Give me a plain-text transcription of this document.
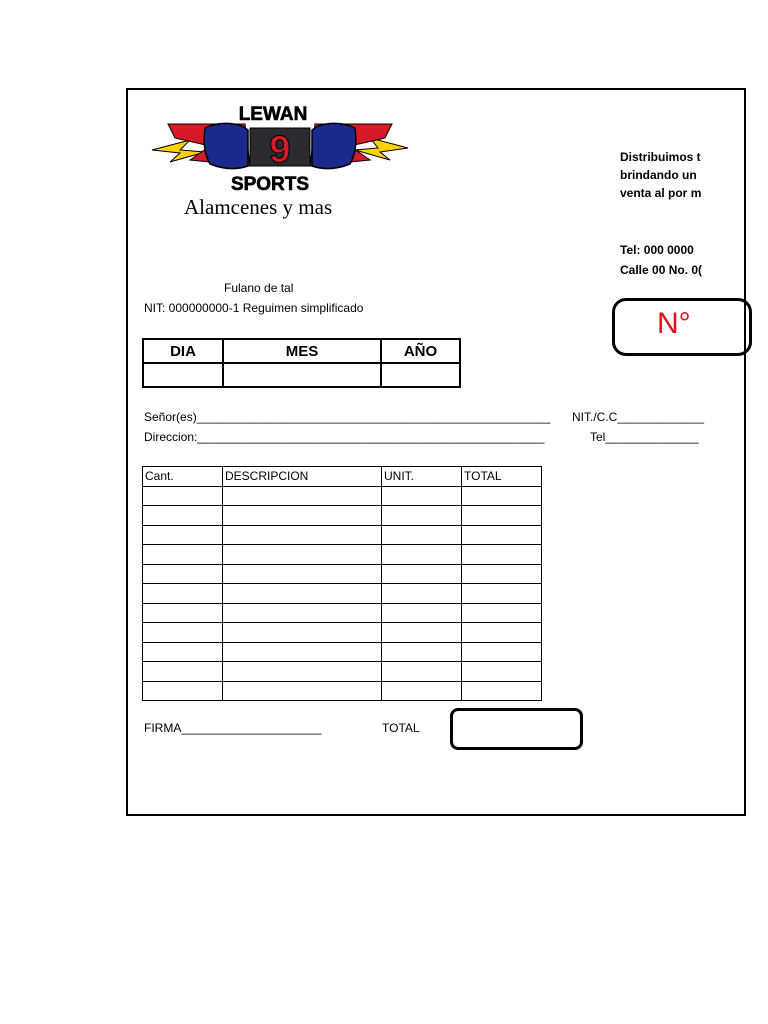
9
LEWAN
SPORTS
Alamcenes y mas
Fulano de tal
NIT: 000000000-1 Reguimen simplificado
Distribuimos t
brindando un
venta al por m
Tel: 000 0000
Calle 00 No. 0(
N°
DIA	MES	AÑO

Señor(es)_____________________________________________________ NIT./C.C_____________
Direccion:____________________________________________________	Tel______________
Cant.	DESCRIPCION	UNIT.	TOTAL

FIRMA_____________________	TOTAL
